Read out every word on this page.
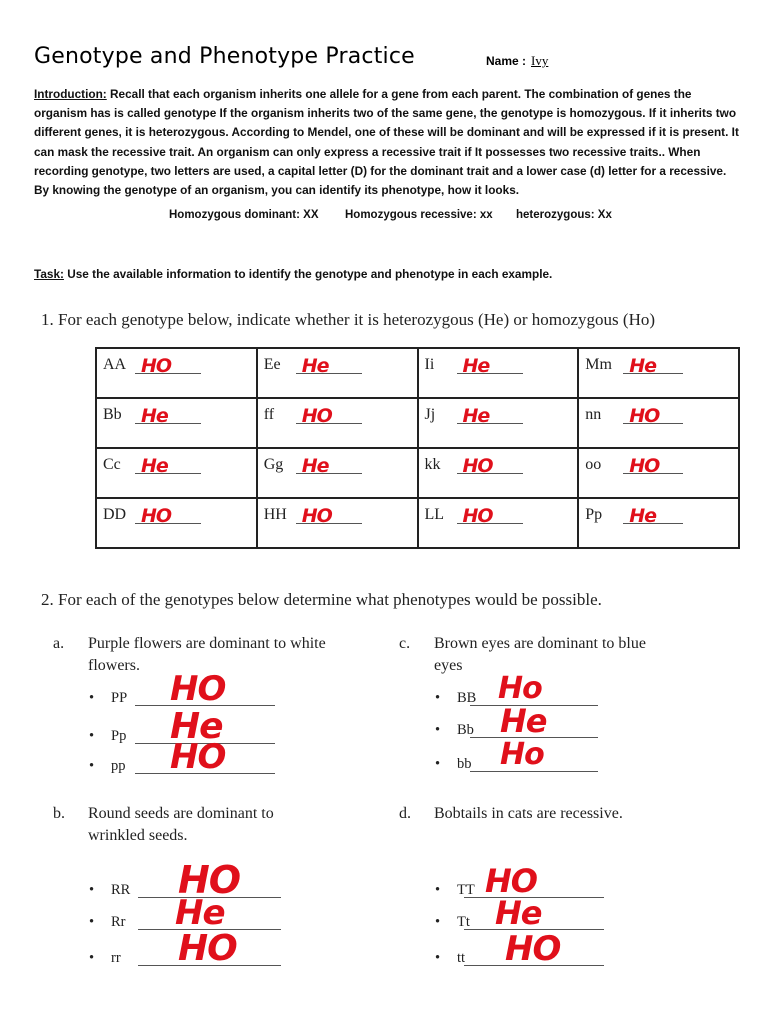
Genotype and Phenotype Practice	Name : Ivy
Introduction: Recall that each organism inherits one allele for a gene from each parent. The combination of genes the organism has is called genotype If the organism inherits two of the same gene, the genotype is homozygous. If it inherits two different genes, it is heterozygous. According to Mendel, one of these will be dominant and will be expressed if it is present. It can mask the recessive trait. An organism can only express a recessive trait if It possesses two recessive traits.. When recording genotype, two letters are used, a capital letter (D) for the dominant trait and a lower case (d) letter for a recessive. By knowing the genotype of an organism, you can identify its phenotype, how it looks.
Homozygous dominant: XX Homozygous recessive: xx heterozygous: Xx
Task: Use the available information to identify the genotype and phenotype in each example.
1. For each genotype below, indicate whether it is heterozygous (He) or homozygous (Ho)
AA HO	Ee He	Ii He	Mm He

Bb He	ff HO	Jj He	nn HO

Cc He	Gg He	kk HO	oo HO

DD HO	HH HO	LL HO	Pp He
2. For each of the genotypes below determine what phenotypes would be possible.
a. Purple flowers are dominant to white
flowers.
• PP HO
• Pp He
• pp HO
b. Round seeds are dominant to
wrinkled seeds.
• RR HO
• Rr He
• rr HO
c. Brown eyes are dominant to blue
eyes
• BB Ho
• Bb He
• bb Ho
d. Bobtails in cats are recessive.
• TT HO
• Tt He
• tt HO
